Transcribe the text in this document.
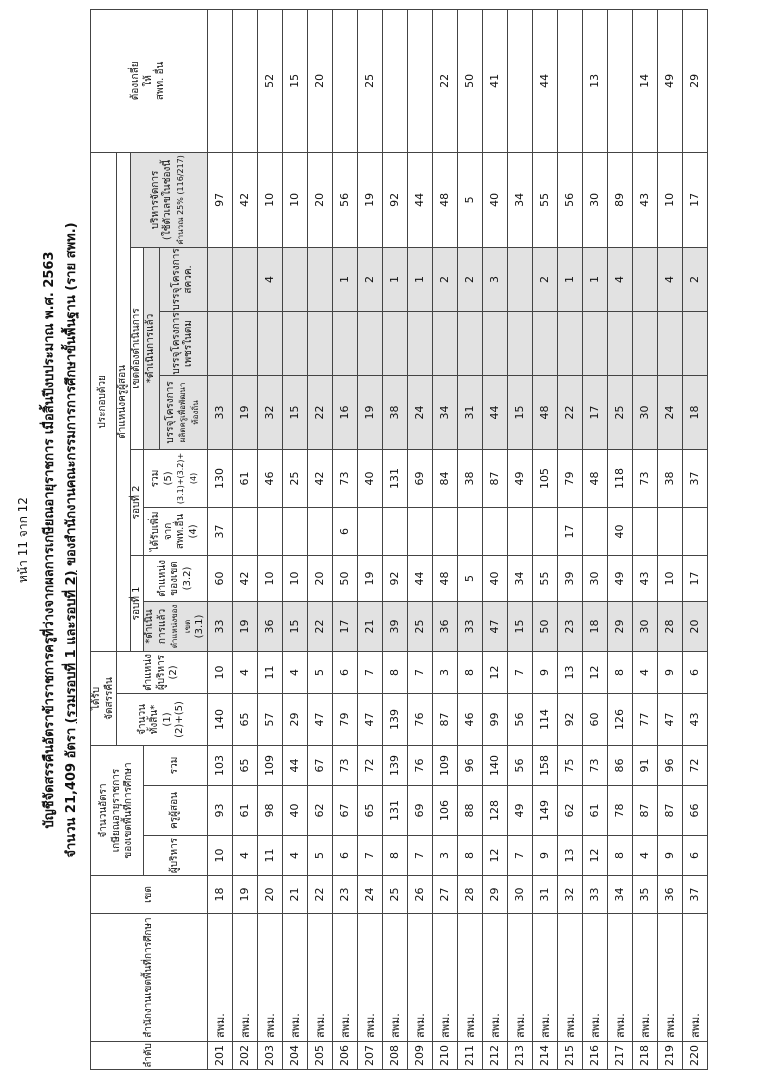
หน้า 11 จาก 12 บัญชีจัดสรรคืนอัตราข้าราชการครูที่ว่างจากผลการเกษียณอายุราชการ เมื่อสิ้นปีงบประมาณ พ.ศ. 2563 จำนวน 21,409 อัตรา (รวมรอบที่ 1 และรอบที่ 2) ของสำนักงานคณะกรรมการการศึกษาขั้นพื้นฐาน (ราย สพท.)
ลำดับ	สำนักงานเขตพื้นที่การศึกษา	เขต	จำนวนอัตรา เกษียณอายุราชการ ของเขตพื้นที่การศึกษา			ได้รับ จัดสรรคืน		ประกอบด้วย								ต้องเกลี่ย ให้ สพท. อื่น
						จำนวน ทั้งสิ้น* (1) (2)+(5)	ตำแหน่ง ผู้บริหาร (2)	ตำแหน่งครูผู้สอน								
								รอบที่ 1		รอบที่ 2		เขตต้องดำเนินการ			บริหารจัดการ (ใช้ตัวเลขในช่องนี้ คำนวณ 25% (116/217)	
			ผู้บริหาร	ครูผู้สอน	รวม			*ดำเนินการแล้ว ตำแหน่งของเขต (3.1)	ตำแหน่ง ของเขต (3.2)	ได้รับเพิ่มจาก สพท.อื่น (4)	รวม (5) (3.1)+(3.2)+(4)	*ดำเนินการแล้ว				
												บรรจุโครงการ ผลิตครูเพื่อพัฒนาท้องถิ่น	บรรจุโครงการ เพชรในตม	บรรจุโครงการ สควค.		
201	สพม.	18	10	93	103	140	10	33	60	37	130	33			97	
202	สพม.	19	4	61	65	65	4	19	42		61	19			42	
203	สพม.	20	11	98	109	57	11	36	10		46	32		4	10	52
204	สพม.	21	4	40	44	29	4	15	10		25	15			10	15
205	สพม.	22	5	62	67	47	5	22	20		42	22			20	20
206	สพม.	23	6	67	73	79	6	17	50	6	73	16		1	56	
207	สพม.	24	7	65	72	47	7	21	19		40	19		2	19	25
208	สพม.	25	8	131	139	139	8	39	92		131	38		1	92	
209	สพม.	26	7	69	76	76	7	25	44		69	24		1	44	
210	สพม.	27	3	106	109	87	3	36	48		84	34		2	48	22
211	สพม.	28	8	88	96	46	8	33	5		38	31		2	5	50
212	สพม.	29	12	128	140	99	12	47	40		87	44		3	40	41
213	สพม.	30	7	49	56	56	7	15	34		49	15			34	
214	สพม.	31	9	149	158	114	9	50	55		105	48		2	55	44
215	สพม.	32	13	62	75	92	13	23	39	17	79	22		1	56	
216	สพม.	33	12	61	73	60	12	18	30		48	17		1	30	13
217	สพม.	34	8	78	86	126	8	29	49	40	118	25		4	89	
218	สพม.	35	4	87	91	77	4	30	43		73	30			43	14
219	สพม.	36	9	87	96	47	9	28	10		38	24		4	10	49
220	สพม.	37	6	66	72	43	6	20	17		37	18		2	17	29
